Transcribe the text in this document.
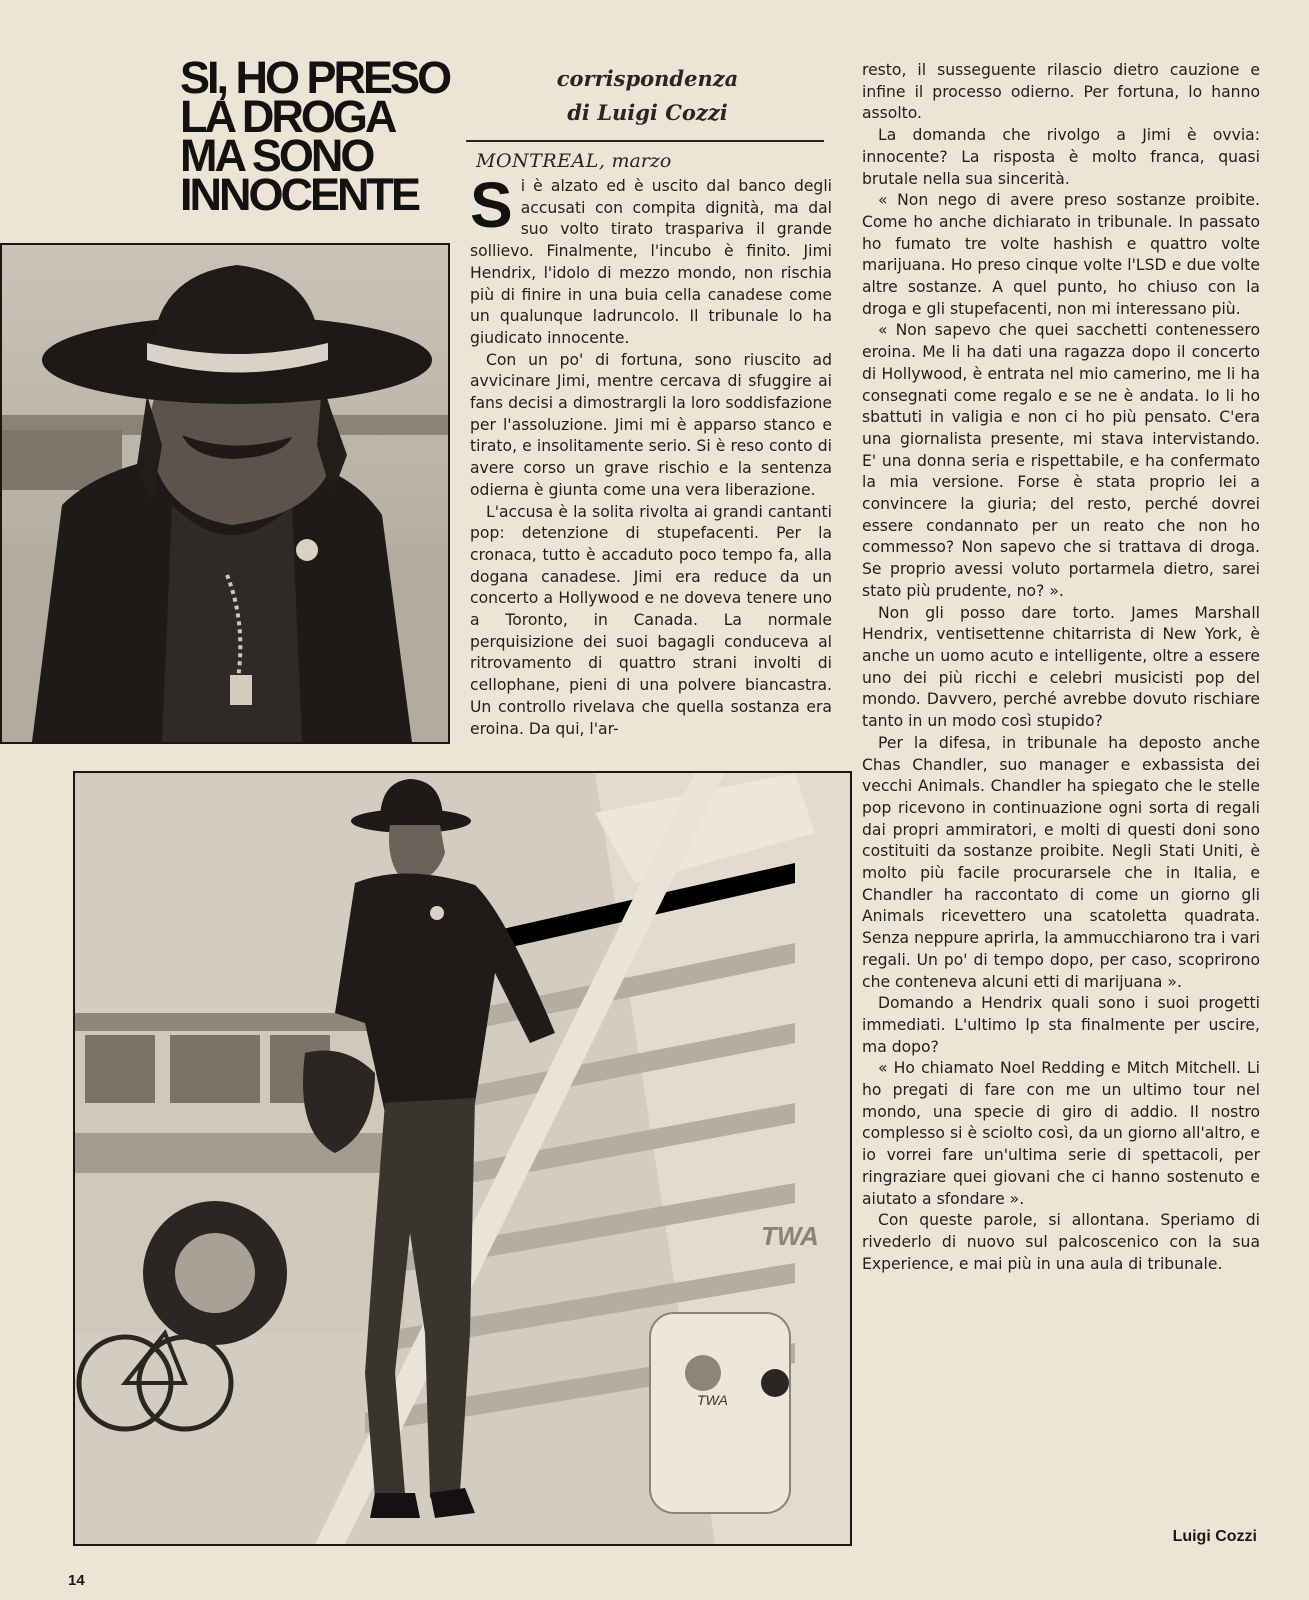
SI, HO PRESO
LA DROGA
MA SONO
INNOCENTE
corrispondenza
di Luigi Cozzi
MONTREAL, marzo

Si è alzato ed è uscito dal banco degli accusati con compita dignità, ma dal suo volto tirato traspariva il grande sollievo. Finalmente, l'incubo è finito. Jimi Hendrix, l'idolo di mezzo mondo, non rischia più di finire in una buia cella canadese come un qualunque ladruncolo. Il tribunale lo ha giudicato innocente.

Con un po' di fortuna, sono riuscito ad avvicinare Jimi, mentre cercava di sfuggire ai fans decisi a dimostrargli la loro soddisfazione per l'assoluzione. Jimi mi è apparso stanco e tirato, e insolitamente serio. Si è reso conto di avere corso un grave rischio e la sentenza odierna è giunta come una vera liberazione.

L'accusa è la solita rivolta ai grandi cantanti pop: detenzione di stupefacenti. Per la cronaca, tutto è accaduto poco tempo fa, alla dogana canadese. Jimi era reduce da un concerto a Hollywood e ne doveva tenere uno a Toronto, in Canada. La normale perquisizione dei suoi bagagli conduceva al ritrovamento di quattro strani involti di cellophane, pieni di una polvere biancastra. Un controllo rivelava che quella sostanza era eroina. Da qui, l'ar-

resto, il susseguente rilascio dietro cauzione e infine il processo odierno. Per fortuna, lo hanno assolto.

La domanda che rivolgo a Jimi è ovvia: innocente? La risposta è molto franca, quasi brutale nella sua sincerità.

« Non nego di avere preso sostanze proibite. Come ho anche dichiarato in tribunale. In passato ho fumato tre volte hashish e quattro volte marijuana. Ho preso cinque volte l'LSD e due volte altre sostanze. A quel punto, ho chiuso con la droga e gli stupefacenti, non mi interessano più.

« Non sapevo che quei sacchetti contenessero eroina. Me li ha dati una ragazza dopo il concerto di Hollywood, è entrata nel mio camerino, me li ha consegnati come regalo e se ne è andata. Io li ho sbattuti in valigia e non ci ho più pensato. C'era una giornalista presente, mi stava intervistando. E' una donna seria e rispettabile, e ha confermato la mia versione. Forse è stata proprio lei a convincere la giuria; del resto, perché dovrei essere condannato per un reato che non ho commesso? Non sapevo che si trattava di droga. Se proprio avessi voluto portarmela dietro, sarei stato più prudente, no? ».

Non gli posso dare torto. James Marshall Hendrix, ventisettenne chitarrista di New York, è anche un uomo acuto e intelligente, oltre a essere uno dei più ricchi e celebri musicisti pop del mondo. Davvero, perché avrebbe dovuto rischiare tanto in un modo così stupido?

Per la difesa, in tribunale ha deposto anche Chas Chandler, suo manager e exbassista dei vecchi Animals. Chandler ha spiegato che le stelle pop ricevono in continuazione ogni sorta di regali dai propri ammiratori, e molti di questi doni sono costituiti da sostanze proibite. Negli Stati Uniti, è molto più facile procurarsele che in Italia, e Chandler ha raccontato di come un giorno gli Animals ricevettero una scatoletta quadrata. Senza neppure aprirla, la ammucchiarono tra i vari regali. Un po' di tempo dopo, per caso, scoprirono che conteneva alcuni etti di marijuana ».

Domando a Hendrix quali sono i suoi progetti immediati. L'ultimo lp sta finalmente per uscire, ma dopo?

« Ho chiamato Noel Redding e Mitch Mitchell. Li ho pregati di fare con me un ultimo tour nel mondo, una specie di giro di addio. Il nostro complesso si è sciolto così, da un giorno all'altro, e io vorrei fare un'ultima serie di spettacoli, per ringraziare quei giovani che ci hanno sostenuto e aiutato a sfondare ».

Con queste parole, si allontana. Speriamo di rivederlo di nuovo sul palcoscenico con la sua Experience, e mai più in una aula di tribunale.

TWA
TWA
Luigi Cozzi
14
